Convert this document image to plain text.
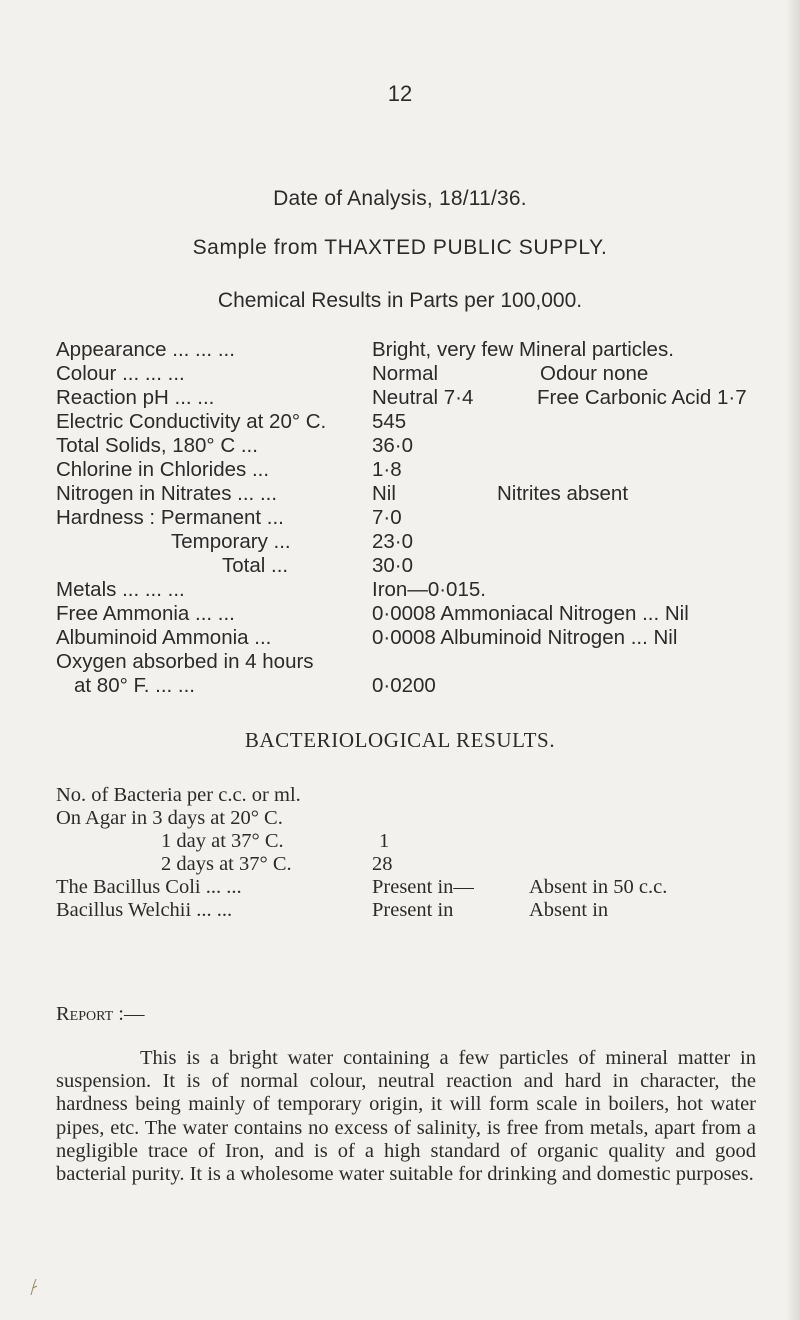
12
Date of Analysis, 18/11/36.
Sample from THAXTED PUBLIC SUPPLY.
Chemical Results in Parts per 100,000.
Appearance ... ... ...	Bright, very few Mineral particles.
Colour ... ... ...	Normal	Odour none
Reaction pH ... ...	Neutral 7·4	Free Carbonic Acid 1·7
Electric Conductivity at 20° C. 545
Total Solids, 180° C ...	36·0
Chlorine in Chlorides ...	1·8
Nitrogen in Nitrates ... ...	Nil	Nitrites absent
Hardness : Permanent ...	7·0
Temporary ...	23·0
Total ...	30·0
Metals ... ... ...	Iron—0·015.
Free Ammonia ... ...	0·0008 Ammoniacal Nitrogen ... Nil
Albuminoid Ammonia ...	0·0008 Albuminoid Nitrogen ... Nil
Oxygen absorbed in 4 hours
at 80° F. ... ...	0·0200
BACTERIOLOGICAL RESULTS.
No. of Bacteria per c.c. or ml.
On Agar in 3 days at 20° C.
1 day at 37° C.	1
2 days at 37° C.	28
The Bacillus Coli ... ...	Present in—	Absent in 50 c.c.
Bacillus Welchii ... ...	Present in	Absent in
Report :—
This is a bright water containing a few particles of mineral matter in suspension. It is of normal colour, neutral reaction and hard in character, the hardness being mainly of temporary origin, it will form scale in boilers, hot water pipes, etc. The water contains no excess of salinity, is free from metals, apart from a negligible trace of Iron, and is of a high standard of organic quality and good bacterial purity. It is a wholesome water suitable for drinking and domestic purposes.
